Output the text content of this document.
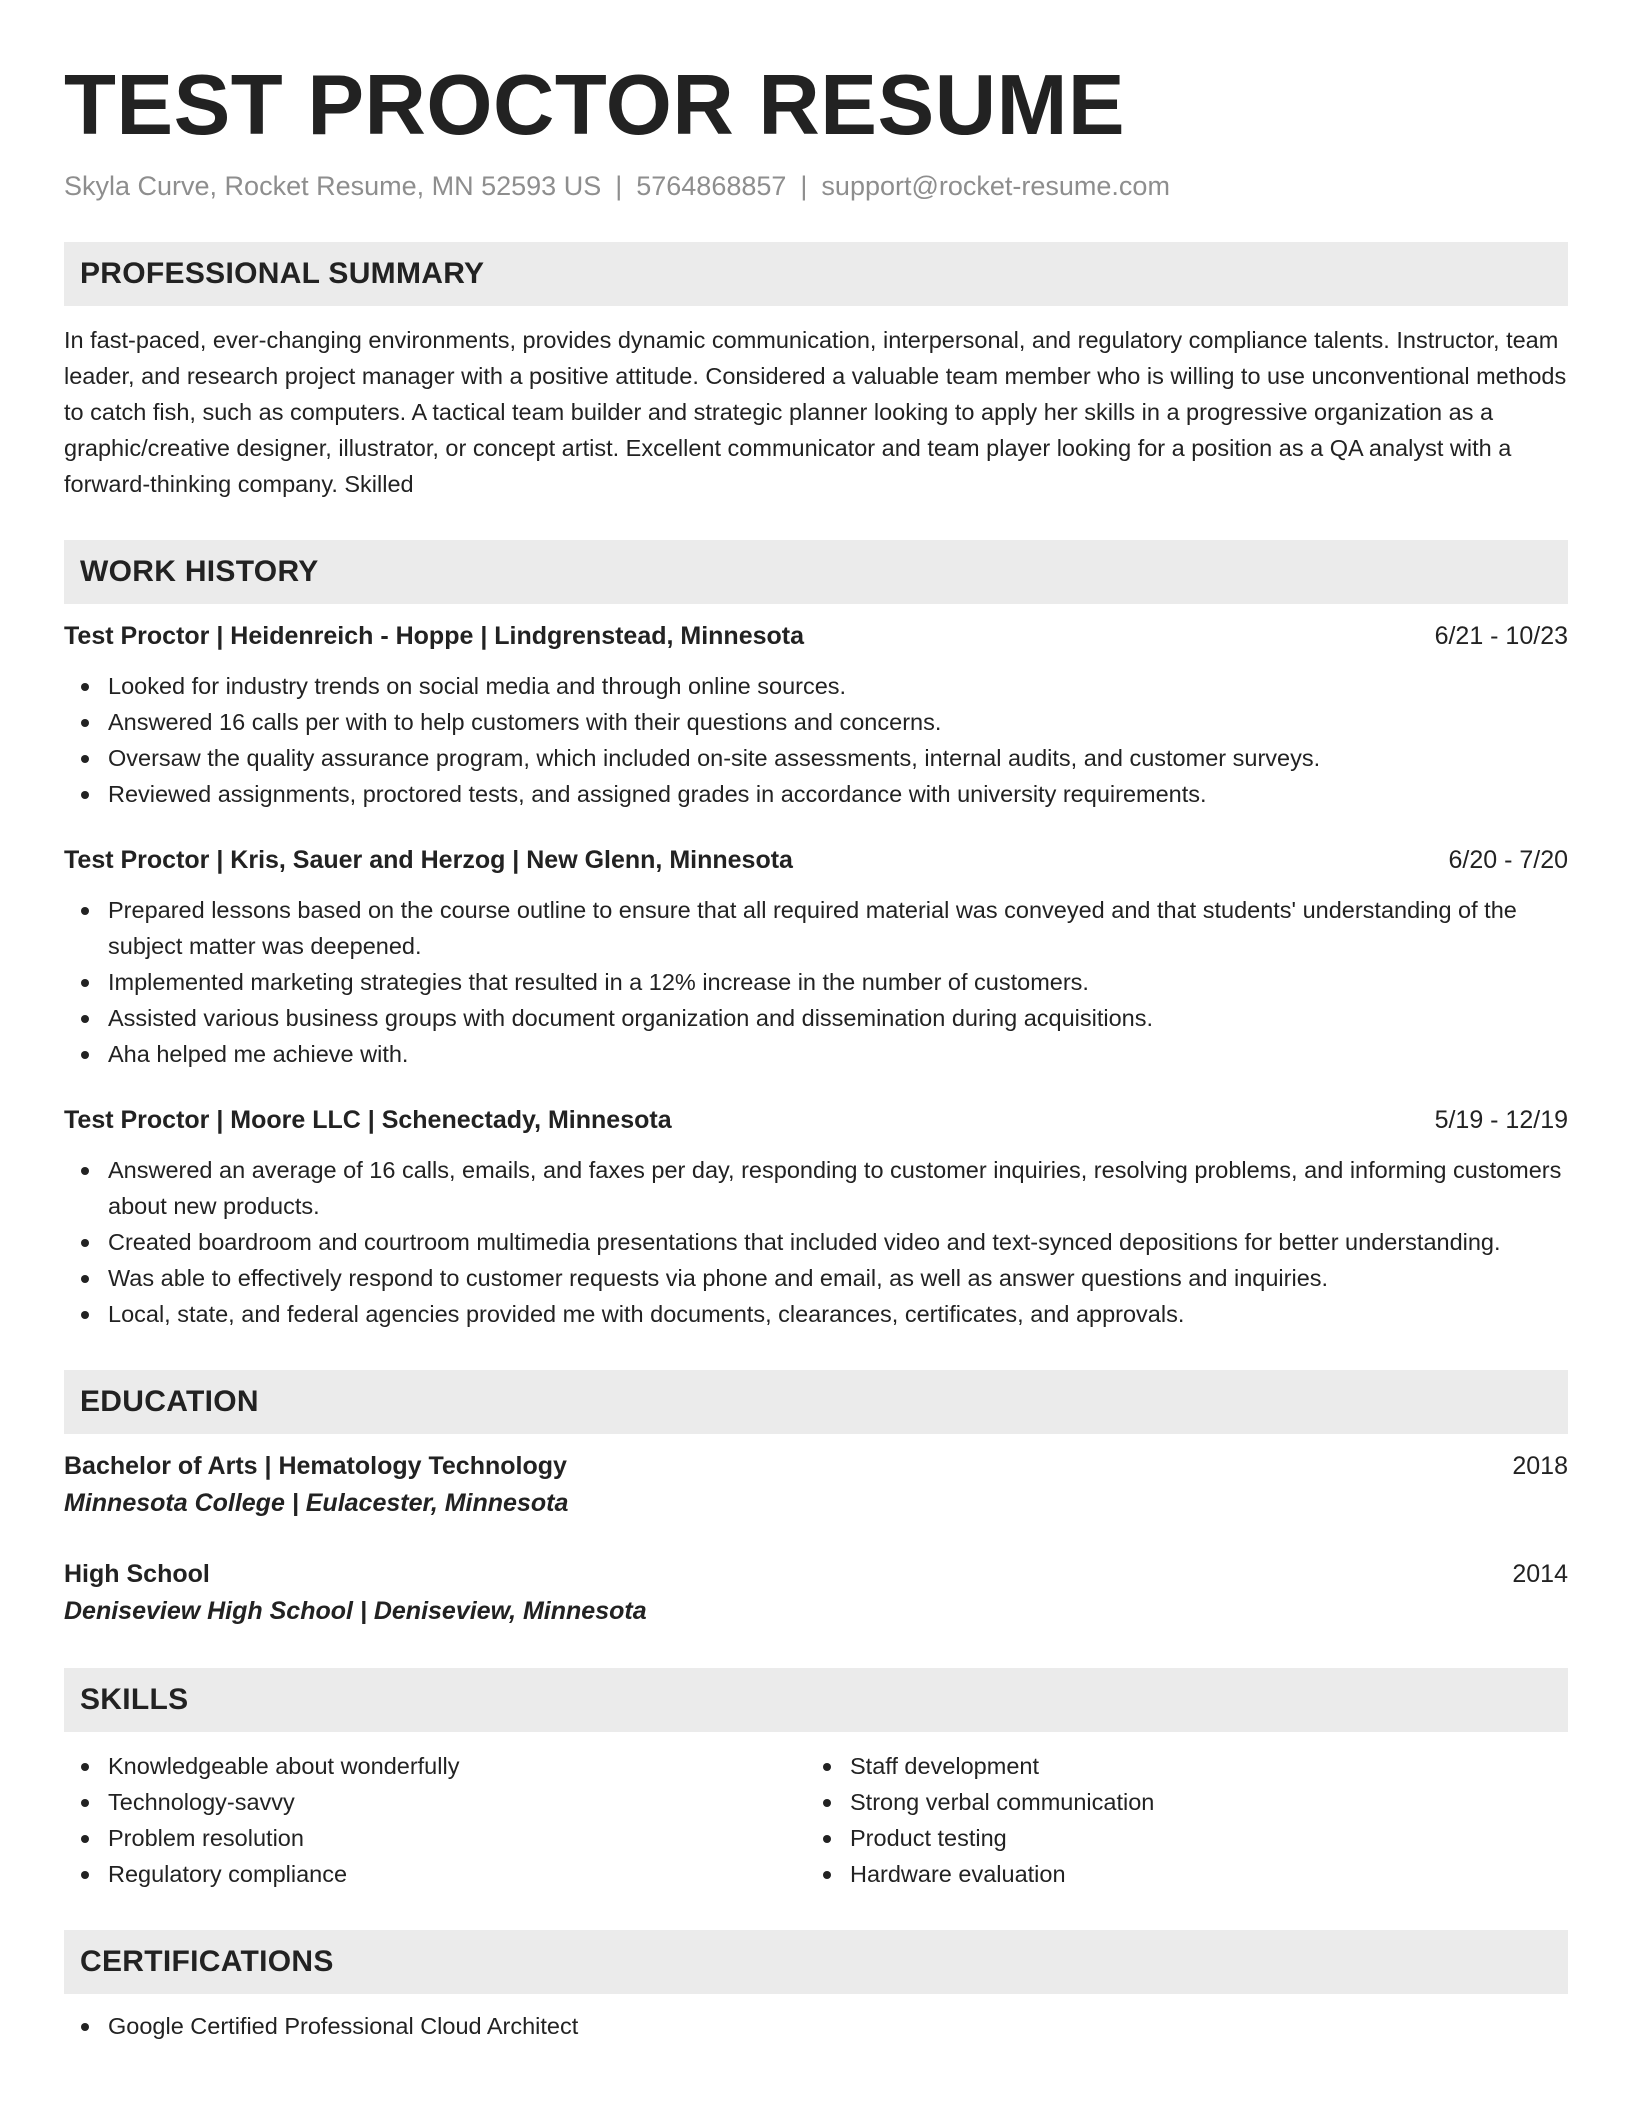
TEST PROCTOR RESUME
Skyla Curve, Rocket Resume, MN 52593 US | 5764868857 | support@rocket-resume.com
PROFESSIONAL SUMMARY

In fast-paced, ever-changing environments, provides dynamic communication, interpersonal, and regulatory compliance talents. Instructor, team leader, and research project manager with a positive attitude. Considered a valuable team member who is willing to use unconventional methods to catch fish, such as computers. A tactical team builder and strategic planner looking to apply her skills in a progressive organization as a graphic/creative designer, illustrator, or concept artist. Excellent communicator and team player looking for a position as a QA analyst with a forward-thinking company. Skilled

WORK HISTORY
Test Proctor | Heidenreich - Hoppe | Lindgrenstead, Minnesota	6/21 - 10/23
Looked for industry trends on social media and through online sources.
Answered 16 calls per with to help customers with their questions and concerns.
Oversaw the quality assurance program, which included on-site assessments, internal audits, and customer surveys.
Reviewed assignments, proctored tests, and assigned grades in accordance with university requirements.
Test Proctor | Kris, Sauer and Herzog | New Glenn, Minnesota	6/20 - 7/20
Prepared lessons based on the course outline to ensure that all required material was conveyed and that students' understanding of the subject matter was deepened.
Implemented marketing strategies that resulted in a 12% increase in the number of customers.
Assisted various business groups with document organization and dissemination during acquisitions.
Aha helped me achieve with.
Test Proctor | Moore LLC | Schenectady, Minnesota	5/19 - 12/19
Answered an average of 16 calls, emails, and faxes per day, responding to customer inquiries, resolving problems, and informing customers about new products.
Created boardroom and courtroom multimedia presentations that included video and text-synced depositions for better understanding.
Was able to effectively respond to customer requests via phone and email, as well as answer questions and inquiries.
Local, state, and federal agencies provided me with documents, clearances, certificates, and approvals.
EDUCATION
Bachelor of Arts | Hematology Technology	2018
Minnesota College | Eulacester, Minnesota
High School	2014
Deniseview High School | Deniseview, Minnesota
SKILLS
Knowledgeable about wonderfully
Technology-savvy
Problem resolution
Regulatory compliance
Staff development
Strong verbal communication
Product testing
Hardware evaluation
CERTIFICATIONS
Google Certified Professional Cloud Architect
